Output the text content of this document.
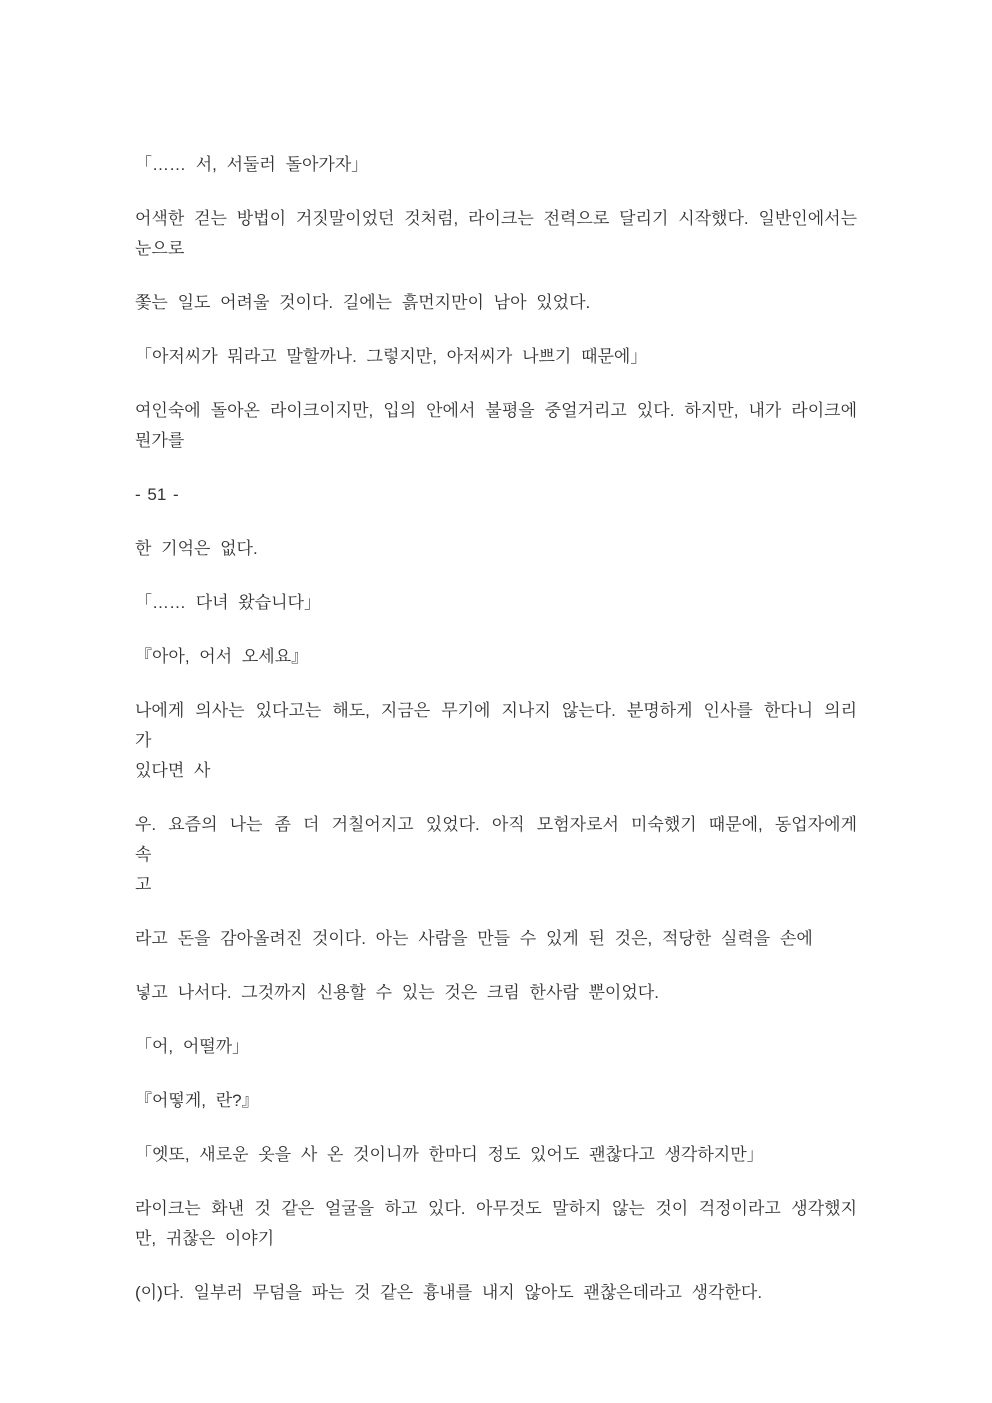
「…… 서, 서둘러 돌아가자」
어색한 걷는 방법이 거짓말이었던 것처럼, 라이크는 전력으로 달리기 시작했다. 일반인에서는
눈으로
쫓는 일도 어려울 것이다. 길에는 흙먼지만이 남아 있었다.
「아저씨가 뭐라고 말할까나. 그렇지만, 아저씨가 나쁘기 때문에」
여인숙에 돌아온 라이크이지만, 입의 안에서 불평을 중얼거리고 있다. 하지만, 내가 라이크에
뭔가를
- 51 -
한 기억은 없다.
「…… 다녀 왔습니다」
『아아, 어서 오세요』
나에게 의사는 있다고는 해도, 지금은 무기에 지나지 않는다. 분명하게 인사를 한다니 의리가
있다면 사
우. 요즘의 나는 좀 더 거칠어지고 있었다. 아직 모험자로서 미숙했기 때문에, 동업자에게 속
고
라고 돈을 감아올려진 것이다. 아는 사람을 만들 수 있게 된 것은, 적당한 실력을 손에
넣고 나서다. 그것까지 신용할 수 있는 것은 크림 한사람 뿐이었다.
「어, 어떨까」
『어떻게, 란?』
「엣또, 새로운 옷을 사 온 것이니까 한마디 정도 있어도 괜찮다고 생각하지만」
라이크는 화낸 것 같은 얼굴을 하고 있다. 아무것도 말하지 않는 것이 걱정이라고 생각했지
만, 귀찮은 이야기
(이)다. 일부러 무덤을 파는 것 같은 흉내를 내지 않아도 괜찮은데라고 생각한다.
